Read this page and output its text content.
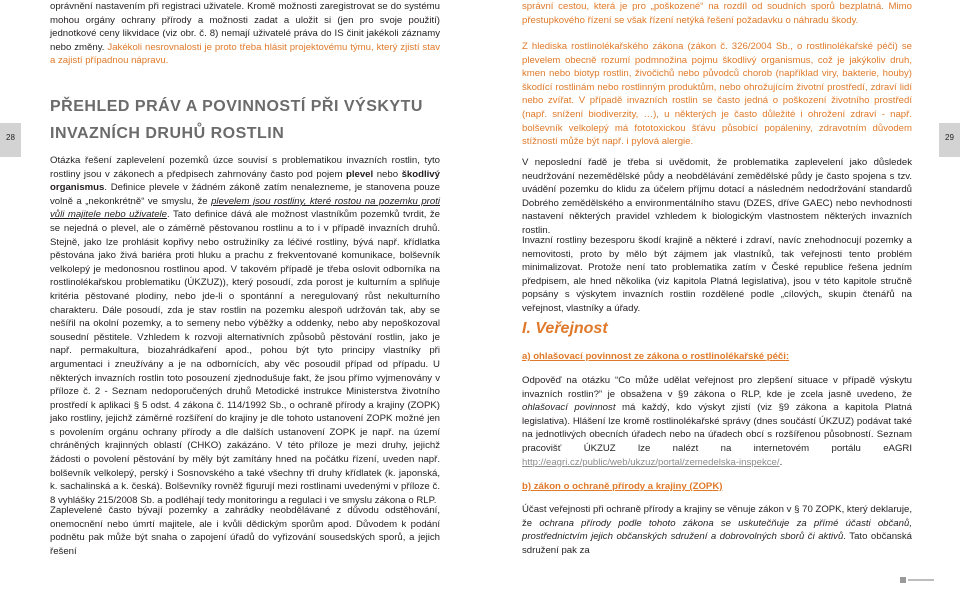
28

oprávnění nastavením při registraci uživatele. Kromě možnosti zaregistrovat se do systému mohou orgány ochrany přírody a možnosti zadat a uložit si (jen pro svoje použití) jednotkové ceny likvidace (viz obr. č. 8) nemají uživatelé práva do IS činit jakékoli záznamy nebo změny. Jakékoli nesrovnalosti je proto třeba hlásit projektovému týmu, který zjistí stav a zajistí případnou nápravu.

PŘEHLED PRÁV A POVINNOSTÍ PŘI VÝSKYTU
INVAZNÍCH DRUHŮ ROSTLIN

Otázka řešení zaplevelení pozemků úzce souvisí s problematikou invazních rostlin, tyto rostliny jsou v zákonech a předpisech zahrnovány často pod pojem plevel nebo škodlivý organismus. Definice plevele v žádném zákoně zatím nenalezneme, je stanovena pouze volně a „nekonkrétně“ ve smyslu, že plevelem jsou rostliny, které rostou na pozemku proti vůli majitele nebo uživatele. Tato definice dává ale možnost vlastníkům pozemků tvrdit, že se nejedná o plevel, ale o záměrně pěstovanou rostlinu a to i v případě invazních druhů. Stejně, jako lze prohlásit kopřivy nebo ostružiníky za léčivé rostliny, bývá např. křídlatka pěstována jako živá bariéra proti hluku a prachu z frekventované komunikace, bolševník velkolepý je medonosnou rostlinou apod. V takovém případě je třeba oslovit odborníka na rostlinolékařskou problematiku (ÚKZUZ)), který posoudí, zda porost je kulturním a splňuje kritéria pěstované plodiny, nebo jde-li o spontánní a neregulovaný růst nekulturního charakteru. Dále posoudí, zda je stav rostlin na pozemku alespoň udržován tak, aby se nešířil na okolní pozemky, a to semeny nebo výběžky a oddenky, nebo aby nepoškozoval sousední pěstitele. Vzhledem k rozvoji alternativních způsobů pěstování rostlin, jako je např. permakultura, biozahrádkaření apod., pohou být tyto principy vlastníky při argumentaci i zneužívány a je na odbornících, aby věc posoudil případ od případu. U některých invazních rostlin toto posouzení zjednodušuje fakt, že jsou přímo vyjmenovány v příloze č. 2 - Seznam nedoporučených druhů Metodické instrukce Ministerstva životního prostředí k aplikaci § 5 odst. 4 zákona č. 114/1992 Sb., o ochraně přírody a krajiny (ZOPK) jako rostliny, jejichž záměrné rozšíření do krajiny je dle tohoto ustanovení ZOPK možné jen s povolením orgánu ochrany přírody a dle dalších ustanovení ZOPK je např. na území chráněných krajinných oblastí (CHKO) zakázáno. V této příloze je mezi druhy, jejichž žádosti o povolení pěstování by měly být zamítány hned na počátku řízení, uveden např. bolševník velkolepý, perský i Sosnovského a také všechny tři druhy křídlatek (k. japonská, k. sachalinská a k. česká). Bolševníky rovněž figurují mezi rostlinami uvedenými v příloze č. 8 vyhlášky 215/2008 Sb. a podléhají tedy monitoringu a regulaci i ve smyslu zákona o RLP.

Zaplevelené často bývají pozemky a zahrádky neobdělávané z důvodu odstěhování, onemocnění nebo úmrtí majitele, ale i kvůli dědickým sporům apod. Důvodem k podání podnětu pak může být snaha o zapojení úřadů do vyřizování sousedských sporů, a jejich řešení

29

správní cestou, která je pro „poškozené“ na rozdíl od soudních sporů bezplatná. Mimo přestupkového řízení se však řízení netýká řešení požadavku o náhradu škody.

Z hlediska rostlinolékařského zákona (zákon č. 326/2004 Sb., o rostlinolékařské péči) se plevelem obecně rozumí podmnožina pojmu škodlivý organismus, což je jakýkoliv druh, kmen nebo biotyp rostlin, živočichů nebo původců chorob (například viry, bakterie, houby) škodící rostlinám nebo rostlinným produktům, nebo ohrožujícím životní prostředí, zdraví lidí nebo zvířat. V případě invazních rostlin se často jedná o poškození životního prostředí (např. snížení biodiverzity, …), u některých je často důležité i ohrožení zdraví - např. bolševník velkolepý má fototoxickou šťávu působící popáleniny, zdravotním důvodem stížností může být např. i pylová alergie.

V neposlední řadě je třeba si uvědomit, že problematika zaplevelení jako důsledek neudržování nezemědělské půdy a neobdělávání zemědělské půdy je často spojena s tzv. uvádění pozemku do klidu za účelem příjmu dotací a následném nedodržování standardů Dobrého zemědělského a environmentálního stavu (DZES, dříve GAEC) nebo nevhodnosti nastavení některých pravidel vzhledem k biologickým vlastnostem některých invazních rostlin.

Invazní rostliny bezesporu škodí krajině a některé i zdraví, navíc znehodnocují pozemky a nemovitosti, proto by mělo být zájmem jak vlastníků, tak veřejnosti tento problém minimalizovat. Protože není tato problematika zatím v České republice řešena jedním předpisem, ale hned několika (viz kapitola Platná legislativa), jsou v této kapitole stručně popsány s výskytem invazních rostlin rozdělené podle „cílových„ skupin čtenářů na veřejnost, vlastníky a úřady.

I. Veřejnost

a) ohlašovací povinnost ze zákona o rostlinolékařské péči:

Odpověď na otázku “Co může udělat veřejnost pro zlepšení situace v případě výskytu invazních rostlin?” je obsažena v §9 zákona o RLP, kde je zcela jasně uvedeno, že ohlašovací povinnost má každý, kdo výskyt zjistí (viz §9 zákona a kapitola Platná legislativa). Hlášení lze kromě rostlinolékařské správy (dnes součástí ÚKZUZ) podávat také na jednotlivých obecních úřadech nebo na úřadech obcí s rozšířenou působností. Seznam pracovišť ÚKZUZ lze nalézt na internetovém portálu eAGRI http://eagri.cz/public/web/ukzuz/portal/zemedelska-inspekce/.

b) zákon o ochraně přírody a krajiny (ZOPK)

Účast veřejnosti při ochraně přírody a krajiny se věnuje zákon v § 70 ZOPK, který deklaruje, že ochrana přírody podle tohoto zákona se uskutečňuje za přímé účasti občanů, prostřednictvím jejich občanských sdružení a dobrovolných sborů či aktivů. Tato občanská sdružení pak za
